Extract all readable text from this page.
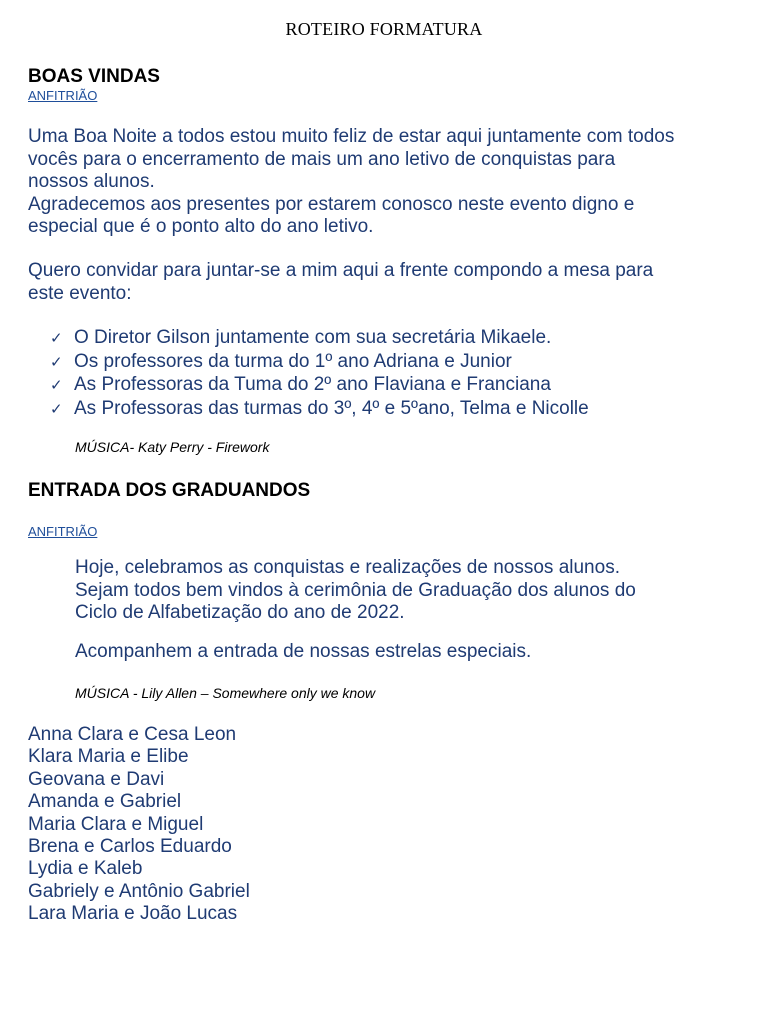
ROTEIRO FORMATURA
BOAS VINDAS
ANFITRIÃO
Uma Boa Noite a todos estou muito feliz de estar aqui juntamente com todos
vocês para o encerramento de mais um ano letivo de conquistas para
nossos alunos.
Agradecemos aos presentes por estarem conosco neste evento digno e
especial que é o ponto alto do ano letivo.
Quero convidar para juntar-se a mim aqui a frente compondo a mesa para
este evento:
✓ O Diretor Gilson juntamente com sua secretária Mikaele.
✓ Os professores da turma do 1º ano Adriana e Junior
✓ As Professoras da Tuma do 2º ano Flaviana e Franciana
✓ As Professoras das turmas do 3º, 4º e 5ºano, Telma e Nicolle
MÚSICA- Katy Perry - Firework
ENTRADA DOS GRADUANDOS
ANFITRIÃO
Hoje, celebramos as conquistas e realizações de nossos alunos.
Sejam todos bem vindos à cerimônia de Graduação dos alunos do
Ciclo de Alfabetização do ano de 2022.
Acompanhem a entrada de nossas estrelas especiais.
MÚSICA - Lily Allen – Somewhere only we know
Anna Clara e Cesa Leon
Klara Maria e Elibe
Geovana e Davi
Amanda e Gabriel
Maria Clara e Miguel
Brena e Carlos Eduardo
Lydia e Kaleb
Gabriely e Antônio Gabriel
Lara Maria e João Lucas
